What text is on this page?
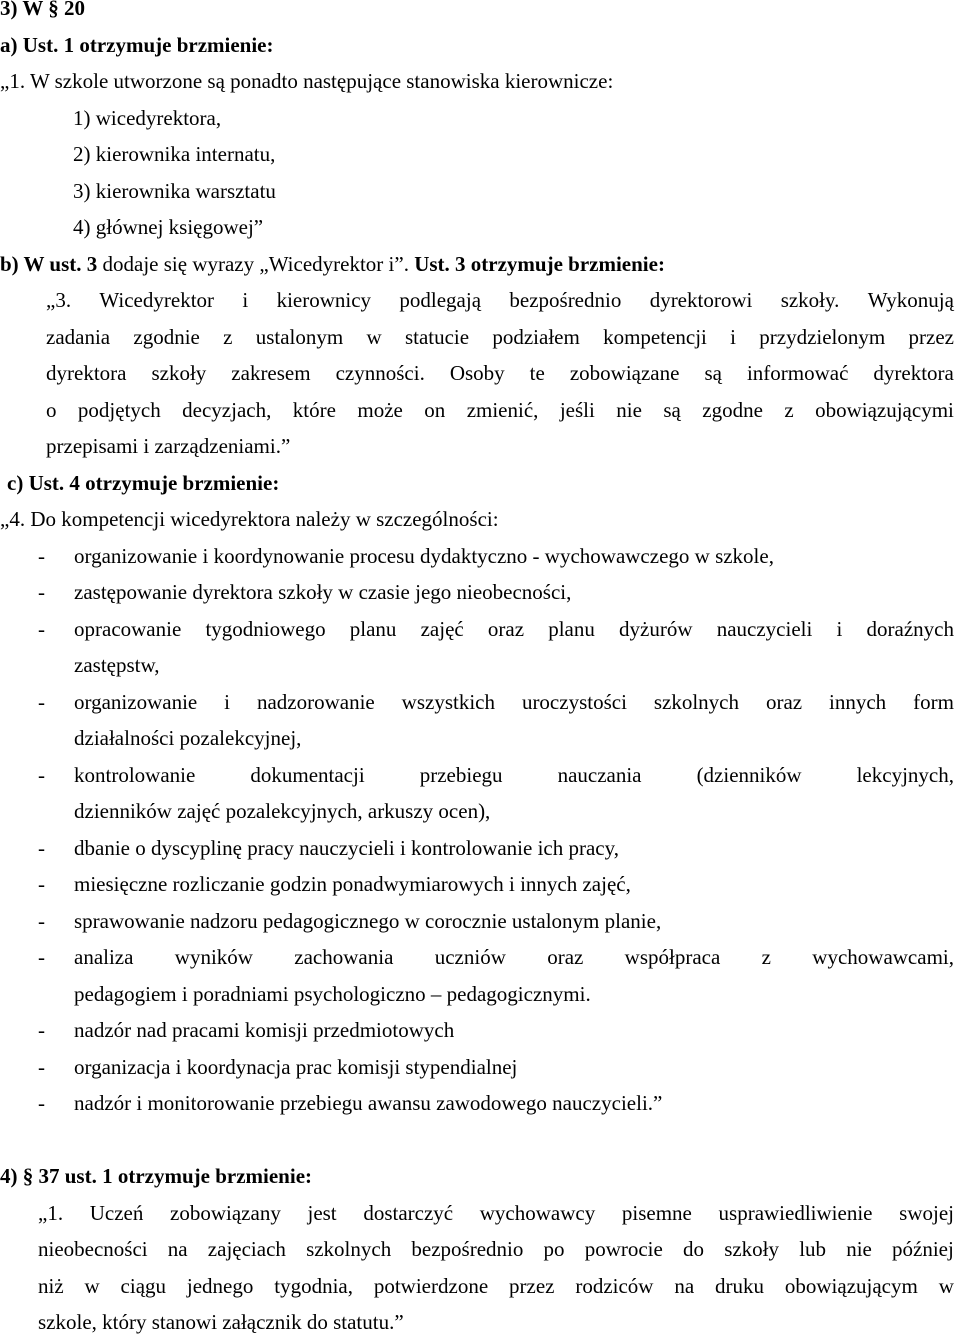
3) W § 20
a) Ust. 1 otrzymuje brzmienie:
„1. W szkole utworzone są ponadto następujące stanowiska kierownicze:
1) wicedyrektora,
2) kierownika internatu,
3) kierownika warsztatu
4) głównej księgowej”
b) W ust. 3 dodaje się wyrazy „Wicedyrektor i”. Ust. 3 otrzymuje brzmienie:
„3. Wicedyrektor i kierownicy podlegają bezpośrednio dyrektorowi szkoły. Wykonują
zadania zgodnie z ustalonym w statucie podziałem kompetencji i przydzielonym przez
dyrektora szkoły zakresem czynności. Osoby te zobowiązane są informować dyrektora
o podjętych decyzjach, które może on zmienić, jeśli nie są zgodne z obowiązującymi
przepisami i zarządzeniami.”
c) Ust. 4 otrzymuje brzmienie:
„4. Do kompetencji wicedyrektora należy w szczególności:
-	organizowanie i koordynowanie procesu dydaktyczno - wychowawczego w szkole,
-	zastępowanie dyrektora szkoły w czasie jego nieobecności,
-	opracowanie tygodniowego planu zajęć oraz planu dyżurów nauczycieli i doraźnych
zastępstw,
-	organizowanie i nadzorowanie wszystkich uroczystości szkolnych oraz innych form
działalności pozalekcyjnej,
-	kontrolowanie	dokumentacji	przebiegu	nauczania	(dzienników	lekcyjnych,
dzienników zajęć pozalekcyjnych, arkuszy ocen),
-	dbanie o dyscyplinę pracy nauczycieli i kontrolowanie ich pracy,
-	miesięczne rozliczanie godzin ponadwymiarowych i innych zajęć,
-	sprawowanie nadzoru pedagogicznego w corocznie ustalonym planie,
-	analiza wyników zachowania uczniów oraz współpraca z wychowawcami,
pedagogiem i poradniami psychologiczno – pedagogicznymi.
-	nadzór nad pracami komisji przedmiotowych
-	organizacja i koordynacja prac komisji stypendialnej
-	nadzór i monitorowanie przebiegu awansu zawodowego nauczycieli.”
4) § 37 ust. 1 otrzymuje brzmienie:
„1. Uczeń zobowiązany jest dostarczyć wychowawcy pisemne usprawiedliwienie swojej
nieobecności na zajęciach szkolnych bezpośrednio po powrocie do szkoły lub nie później
niż w ciągu jednego tygodnia, potwierdzone przez rodziców na druku obowiązującym w
szkole, który stanowi załącznik do statutu.”
